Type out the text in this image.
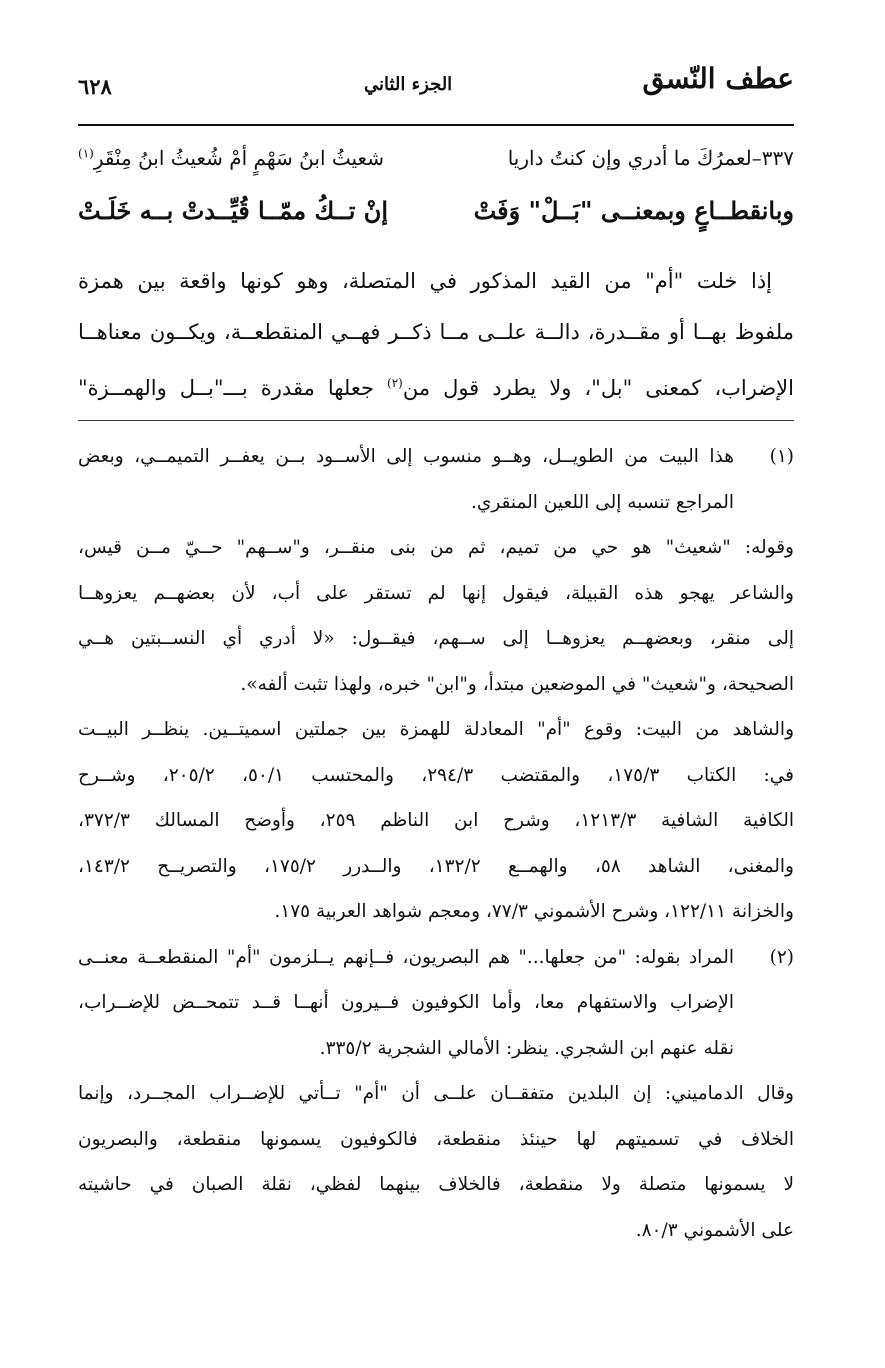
عطف النّسق
الجزء الثاني
٦٢٨
٣٣٧–لعمرُكَ ما أدري وإن كنتُ داريا
شعيثُ ابنُ سَهْمٍ أمْ شُعيثُ ابنُ مِنْقَرِ$^{(١)}$
وبانقطــاعٍ وبمعنــى "بَــلْ" وَفَتْ
إنْ تــكُ ممّــا قُيِّــدتْ بــه خَلَـتْ
إذا خلت "أم" من القيد المذكور في المتصلة، وهو كونها واقعة بين همزة
ملفوظ بهــا أو مقــدرة، دالــة علــى مــا ذكــر فهــي المنقطعــة، ويكــون معناهــا
الإضراب، كمعنى "بل"، ولا يطرد قول من$^{(٢)}$ جعلها مقدرة بـــ"بــل والهمــزة"
(١)
هذا البيت من الطويــل، وهــو منسوب إلى الأســود بــن يعفــر التميمــي، وبعض
المراجع تنسبه إلى اللعين المنقري.
وقوله: "شعيث" هو حي من تميم، ثم من بنى منقــر، و"ســهم" حــيّ مــن قيس،
والشاعر يهجو هذه القبيلة، فيقول إنها لم تستقر على أب، لأن بعضهــم يعزوهــا
إلى منقر، وبعضهــم يعزوهــا إلى ســهم، فيقــول: «لا أدري أي النســبتين هــي
الصحيحة، و"شعيث" في الموضعين مبتدأ، و"ابن" خبره، ولهذا تثبت ألفه».
والشاهد من البيت: وقوع "أم" المعادلة للهمزة بين جملتين اسميتــين. ينظــر البيــت
في: الكتاب ١٧٥/٣، والمقتضب ٢٩٤/٣، والمحتسب ٥٠/١، ٢٠٥/٢، وشــرح
الكافية الشافية ١٢١٣/٣، وشرح ابن الناظم ٢٥٩، وأوضح المسالك ٣٧٢/٣،
والمغنى، الشاهد ٥٨، والهمــع ١٣٢/٢، والــدرر ١٧٥/٢، والتصريــح ١٤٣/٢،
والخزانة ١٢٢/١١، وشرح الأشموني ٧٧/٣، ومعجم شواهد العربية ١٧٥.
(٢)
المراد بقوله: "من جعلها..." هم البصريون، فــإنهم يــلزمون "أم" المنقطعــة معنــى
الإضراب والاستفهام معا، وأما الكوفيون فــيرون أنهــا قــد تتمحــض للإضــراب،
نقله عنهم ابن الشجري. ينظر: الأمالي الشجرية ٣٣٥/٢.
وقال الدماميني: إن البلدين متفقــان علــى أن "أم" تــأتي للإضــراب المجــرد، وإنما
الخلاف في تسميتهم لها حينئذ منقطعة، فالكوفيون يسمونها منقطعة، والبصريون
لا يسمونها متصلة ولا منقطعة، فالخلاف بينهما لفظي، نقلة الصبان في حاشيته
على الأشموني ٨٠/٣.
